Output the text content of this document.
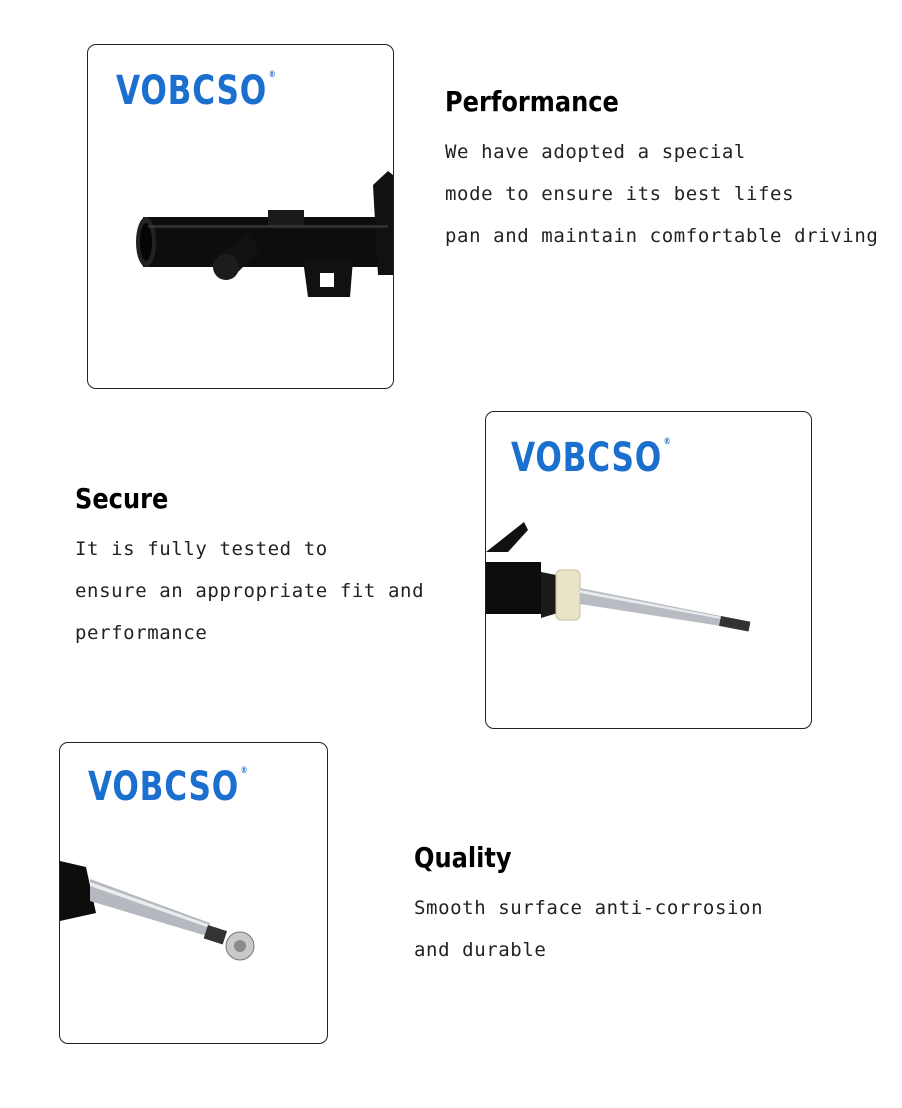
VOBCSO ®
Performance

We have adopted a special
mode to ensure its best lifes
pan and maintain comfortable driving

VOBCSO ®
Secure

It is fully tested to
ensure an appropriate fit and
performance

VOBCSO ®
Quality

Smooth surface anti-corrosion
and durable
